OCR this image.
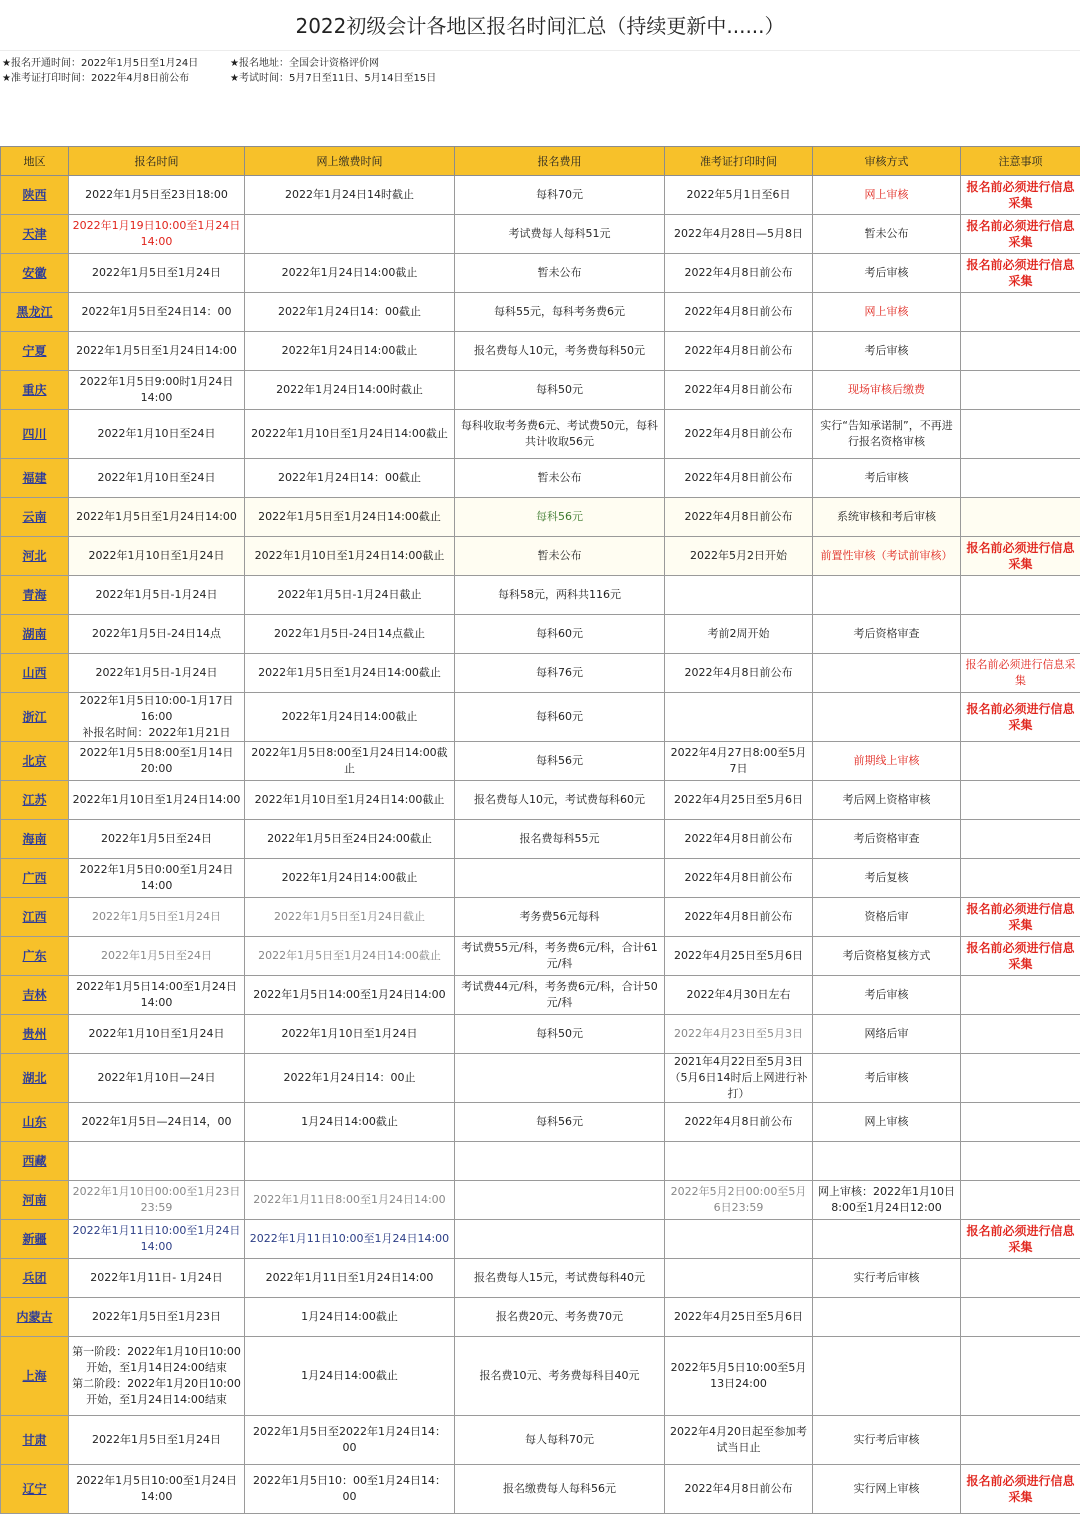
2022初级会计各地区报名时间汇总（持续更新中......）
★报名开通时间：2022年1月5日至1月24日
★准考证打印时间：2022年4月8日前公布
★报名地址：全国会计资格评价网
★考试时间：5月7日至11日、5月14日至15日
地区	报名时间	网上缴费时间	报名费用	准考证打印时间	审核方式	注意事项
陕西	2022年1月5日至23日18:00	2022年1月24日14时截止	每科70元	2022年5月1日至6日	网上审核	报名前必须进行信息采集
天津	2022年1月19日10:00至1月24日14:00		考试费每人每科51元	2022年4月28日—5月8日	暂未公布	报名前必须进行信息采集
安徽	2022年1月5日至1月24日	2022年1月24日14:00截止	暂未公布	2022年4月8日前公布	考后审核	报名前必须进行信息采集
黑龙江	2022年1月5日至24日14：00	2022年1月24日14：00截止	每科55元，每科考务费6元	2022年4月8日前公布	网上审核	
宁夏	2022年1月5日至1月24日14:00	2022年1月24日14:00截止	报名费每人10元，考务费每科50元	2022年4月8日前公布	考后审核	
重庆	2022年1月5日9:00时1月24日14:00	2022年1月24日14:00时截止	每科50元	2022年4月8日前公布	现场审核后缴费	
四川	2022年1月10日至24日	20222年1月10日至1月24日14:00截止	每科收取考务费6元、考试费50元，每科共计收取56元	2022年4月8日前公布	实行“告知承诺制”，不再进行报名资格审核	
福建	2022年1月10日至24日	2022年1月24日14：00截止	暂未公布	2022年4月8日前公布	考后审核	
云南	2022年1月5日至1月24日14:00	2022年1月5日至1月24日14:00截止	每科56元	2022年4月8日前公布	系统审核和考后审核	
河北	2022年1月10日至1月24日	2022年1月10日至1月24日14:00截止	暂未公布	2022年5月2日开始	前置性审核（考试前审核）	报名前必须进行信息采集
青海	2022年1月5日-1月24日	2022年1月5日-1月24日截止	每科58元，两科共116元			
湖南	2022年1月5日-24日14点	2022年1月5日-24日14点截止	每科60元	考前2周开始	考后资格审查	
山西	2022年1月5日-1月24日	2022年1月5日至1月24日14:00截止	每科76元	2022年4月8日前公布		报名前必须进行信息采集
浙江	2022年1月5日10:00-1月17日16:00
补报名时间：2022年1月21日	2022年1月24日14:00截止	每科60元			报名前必须进行信息采集
北京	2022年1月5日8:00至1月14日20:00	2022年1月5日8:00至1月24日14:00截止	每科56元	2022年4月27日8:00至5月7日	前期线上审核	
江苏	2022年1月10日至1月24日14:00	2022年1月10日至1月24日14:00截止	报名费每人10元，考试费每科60元	2022年4月25日至5月6日	考后网上资格审核	
海南	2022年1月5日至24日	2022年1月5日至24日24:00截止	报名费每科55元	2022年4月8日前公布	考后资格审查	
广西	2022年1月5日0:00至1月24日14:00	2022年1月24日14:00截止		2022年4月8日前公布	考后复核	
江西	2022年1月5日至1月24日	2022年1月5日至1月24日截止	考务费56元每科	2022年4月8日前公布	资格后审	报名前必须进行信息采集
广东	2022年1月5日至24日	2022年1月5日至1月24日14:00截止	考试费55元/科，考务费6元/科，合计61元/科	2022年4月25日至5月6日	考后资格复核方式	报名前必须进行信息采集
吉林	2022年1月5日14:00至1月24日14:00	2022年1月5日14:00至1月24日14:00	考试费44元/科，考务费6元/科，合计50元/科	2022年4月30日左右	考后审核	
贵州	2022年1月10日至1月24日	2022年1月10日至1月24日	每科50元	2022年4月23日至5月3日	网络后审	
湖北	2022年1月10日—24日	2022年1月24日14：00止		2021年4月22日至5月3日（5月6日14时后上网进行补打）	考后审核	
山东	2022年1月5日—24日14，00	1月24日14:00截止	每科56元	2022年4月8日前公布	网上审核	
西藏						
河南	2022年1月10日00:00至1月23日23:59	2022年1月11日8:00至1月24日14:00		2022年5月2日00:00至5月6日23:59	网上审核：2022年1月10日8:00至1月24日12:00	
新疆	2022年1月11日10:00至1月24日14:00	2022年1月11日10:00至1月24日14:00				报名前必须进行信息采集
兵团	2022年1月11日- 1月24日	2022年1月11日至1月24日14:00	报名费每人15元，考试费每科40元		实行考后审核	
内蒙古	2022年1月5日至1月23日	1月24日14:00截止	报名费20元、考务费70元	2022年4月25日至5月6日		
上海	第一阶段：2022年1月10日10:00开始，至1月14日24:00结束
第二阶段：2022年1月20日10:00开始，至1月24日14:00结束	1月24日14:00截止	报名费10元、考务费每科目40元	2022年5月5日10:00至5月13日24:00		
甘肃	2022年1月5日至1月24日	2022年1月5日至2022年1月24日14：00	每人每科70元	2022年4月20日起至参加考试当日止	实行考后审核	
辽宁	2022年1月5日10:00至1月24日14:00	2022年1月5日10：00至1月24日14：00	报名缴费每人每科56元	2022年4月8日前公布	实行网上审核	报名前必须进行信息采集
